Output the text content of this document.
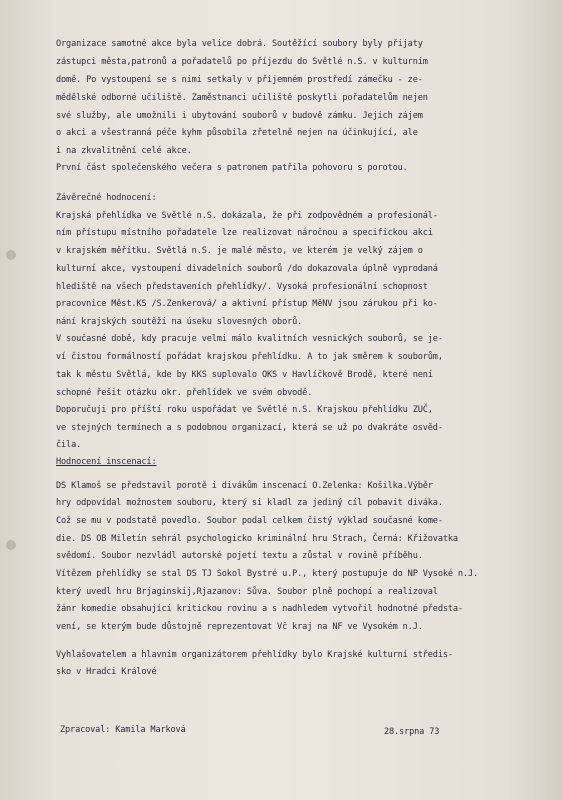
Organizace samotné akce byla velice dobrá. Soutěžící soubory byly přijaty
zástupci města,patronů a pořadatelů po příjezdu do Světlé n.S. v kulturním
domě. Po vystoupení se s nimi setkaly v přijemném prostředí zámečku - ze-
mědělské odborné učiliště. Zaměstnanci učiliště poskytli pořadatelům nejen
své služby, ale umožnili i ubytování souborů v budově zámku. Jejich zájem
o akci a všestranná péče kyhm působila zřetelně nejen na účinkující, ale
i na zkvalitnění celé akce.
První část společenského večera s patronem patřila pohovoru s porotou.
Závěrečné hodnocení:
Krajská přehlídka ve Světlé n.S. dokázala, že při zodpovědném a profesionál-
ním přístupu místního pořadatele lze realizovat náročnou a specifickou akci
v krajském měřítku. Světlá n.S. je malé město, ve kterém je velký zájem o
kulturní akce, vystoupení divadelních souborů /do dokazovala úplně vyprodaná
hlediště na všech představeních přehlídky/. Vysoká profesionální schopnost
pracovnice Měst.KS /S.Zenkerová/ a aktivní přístup MěNV jsou zárukou při ko-
nání krajských soutěží na úseku slovesných oborů.
V současné době, kdy pracuje velmi málo kvalitních vesnických souborů, se je-
ví čistou formálností pořádat krajskou přehlídku. A to jak směrem k souborům,
tak k městu Světlá, kde by KKS suplovalo OKS v Havlíčkově Brodě, které není
schopné řešit otázku okr. přehlídek ve svém obvodě.
Doporučuji pro příští roku uspořádat ve Světlé n.S. Krajskou přehlídku ZUČ,
ve stejných termínech a s podobnou organizací, která se už po dvakráte osvěd-
čila.
Hodnocení inscenací:
DS Klamoš se představil porotě i divákům inscenací O.Zelenka: Košilka.Výběr
hry odpovídal možnostem souboru, který si kladl za jediný cíl pobavit diváka.
Což se mu v podstatě povedlo. Soubor podal celkem čistý výklad současné kome-
die. DS OB Miletín sehrál psychologicko kriminální hru Strach, Černá: Křižovatka
svědomí. Soubor nezvládl autorské pojetí textu a zůstal v rovině příběhu.
Vítězem přehlídky se stal DS TJ Sokol Bystré u.P., který postupuje do NP Vysoké n.J.
který uvedl hru Brjaginskij,Rjazanov: Sůva. Soubor plně pochopí a realizoval
žánr komedie obsahující kritickou rovinu a s nadhledem vytvořil hodnotné předsta-
vení, se kterým bude důstojně reprezentovat Vč kraj na NF ve Vysokém n.J.
Vyhlašovatelem a hlavním organizátorem přehlídky bylo Krajské kulturní středis-
sko v Hradci Králové
Zpracoval: Kamila Marková	28.srpna 73
